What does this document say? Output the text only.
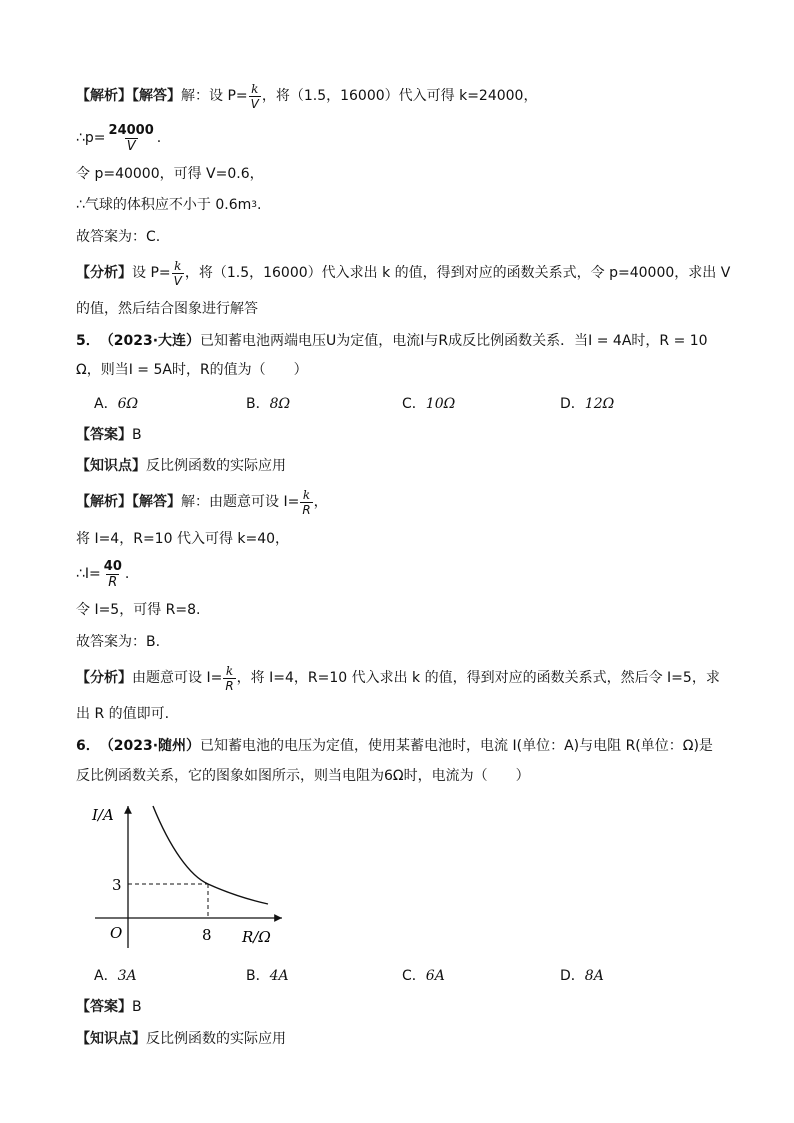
【解析】【解答】 解：设 $P= \frac{k}{V}$ ，将（1.5，16000）代入可得 k=24000，
∴p= $\frac{24000}{V}$ .
令 p=40000，可得 V=0.6，
∴气球的体积应不小于 0.6m 3 .
故答案为：C.
【分析】 设 $P= \frac{k}{V}$ ，将（1.5，16000）代入求出 k 的值，得到对应的函数关系式，令 p=40000，求出 V
的值，然后结合图象进行解答
5． （2023·大连） 已知蓄电池两端电压U为定值，电流I与R成反比例函数关系．当I = 4A时，R = 10
Ω，则当I = 5A时，R的值为（　　）
A．6Ω	B．8Ω	C．10Ω	D．12Ω
【答案】 B
【知识点】 反比例函数的实际应用
【解析】【解答】 解：由题意可设 $I= \frac{k}{R}$ ，
将 I=4，R=10 代入可得 k=40，
∴I= $\frac{40}{R}$ .
令 I=5，可得 R=8.
故答案为：B.
【分析】 由题意可设 $I= \frac{k}{R}$ ，将 I=4，R=10 代入求出 k 的值，得到对应的函数关系式，然后令 I=5，求
出 R 的值即可.
6． （2023·随州） 已知蓄电池的电压为定值，使用某蓄电池时，电流 I(单位：A)与电阻 R(单位：Ω)是
反比例函数关系，它的图象如图所示，则当电阻为6Ω时，电流为（　　）
I/A
R/Ω
O
3
8
A．3A	B．4A	C．6A	D．8A
【答案】 B
【知识点】 反比例函数的实际应用
